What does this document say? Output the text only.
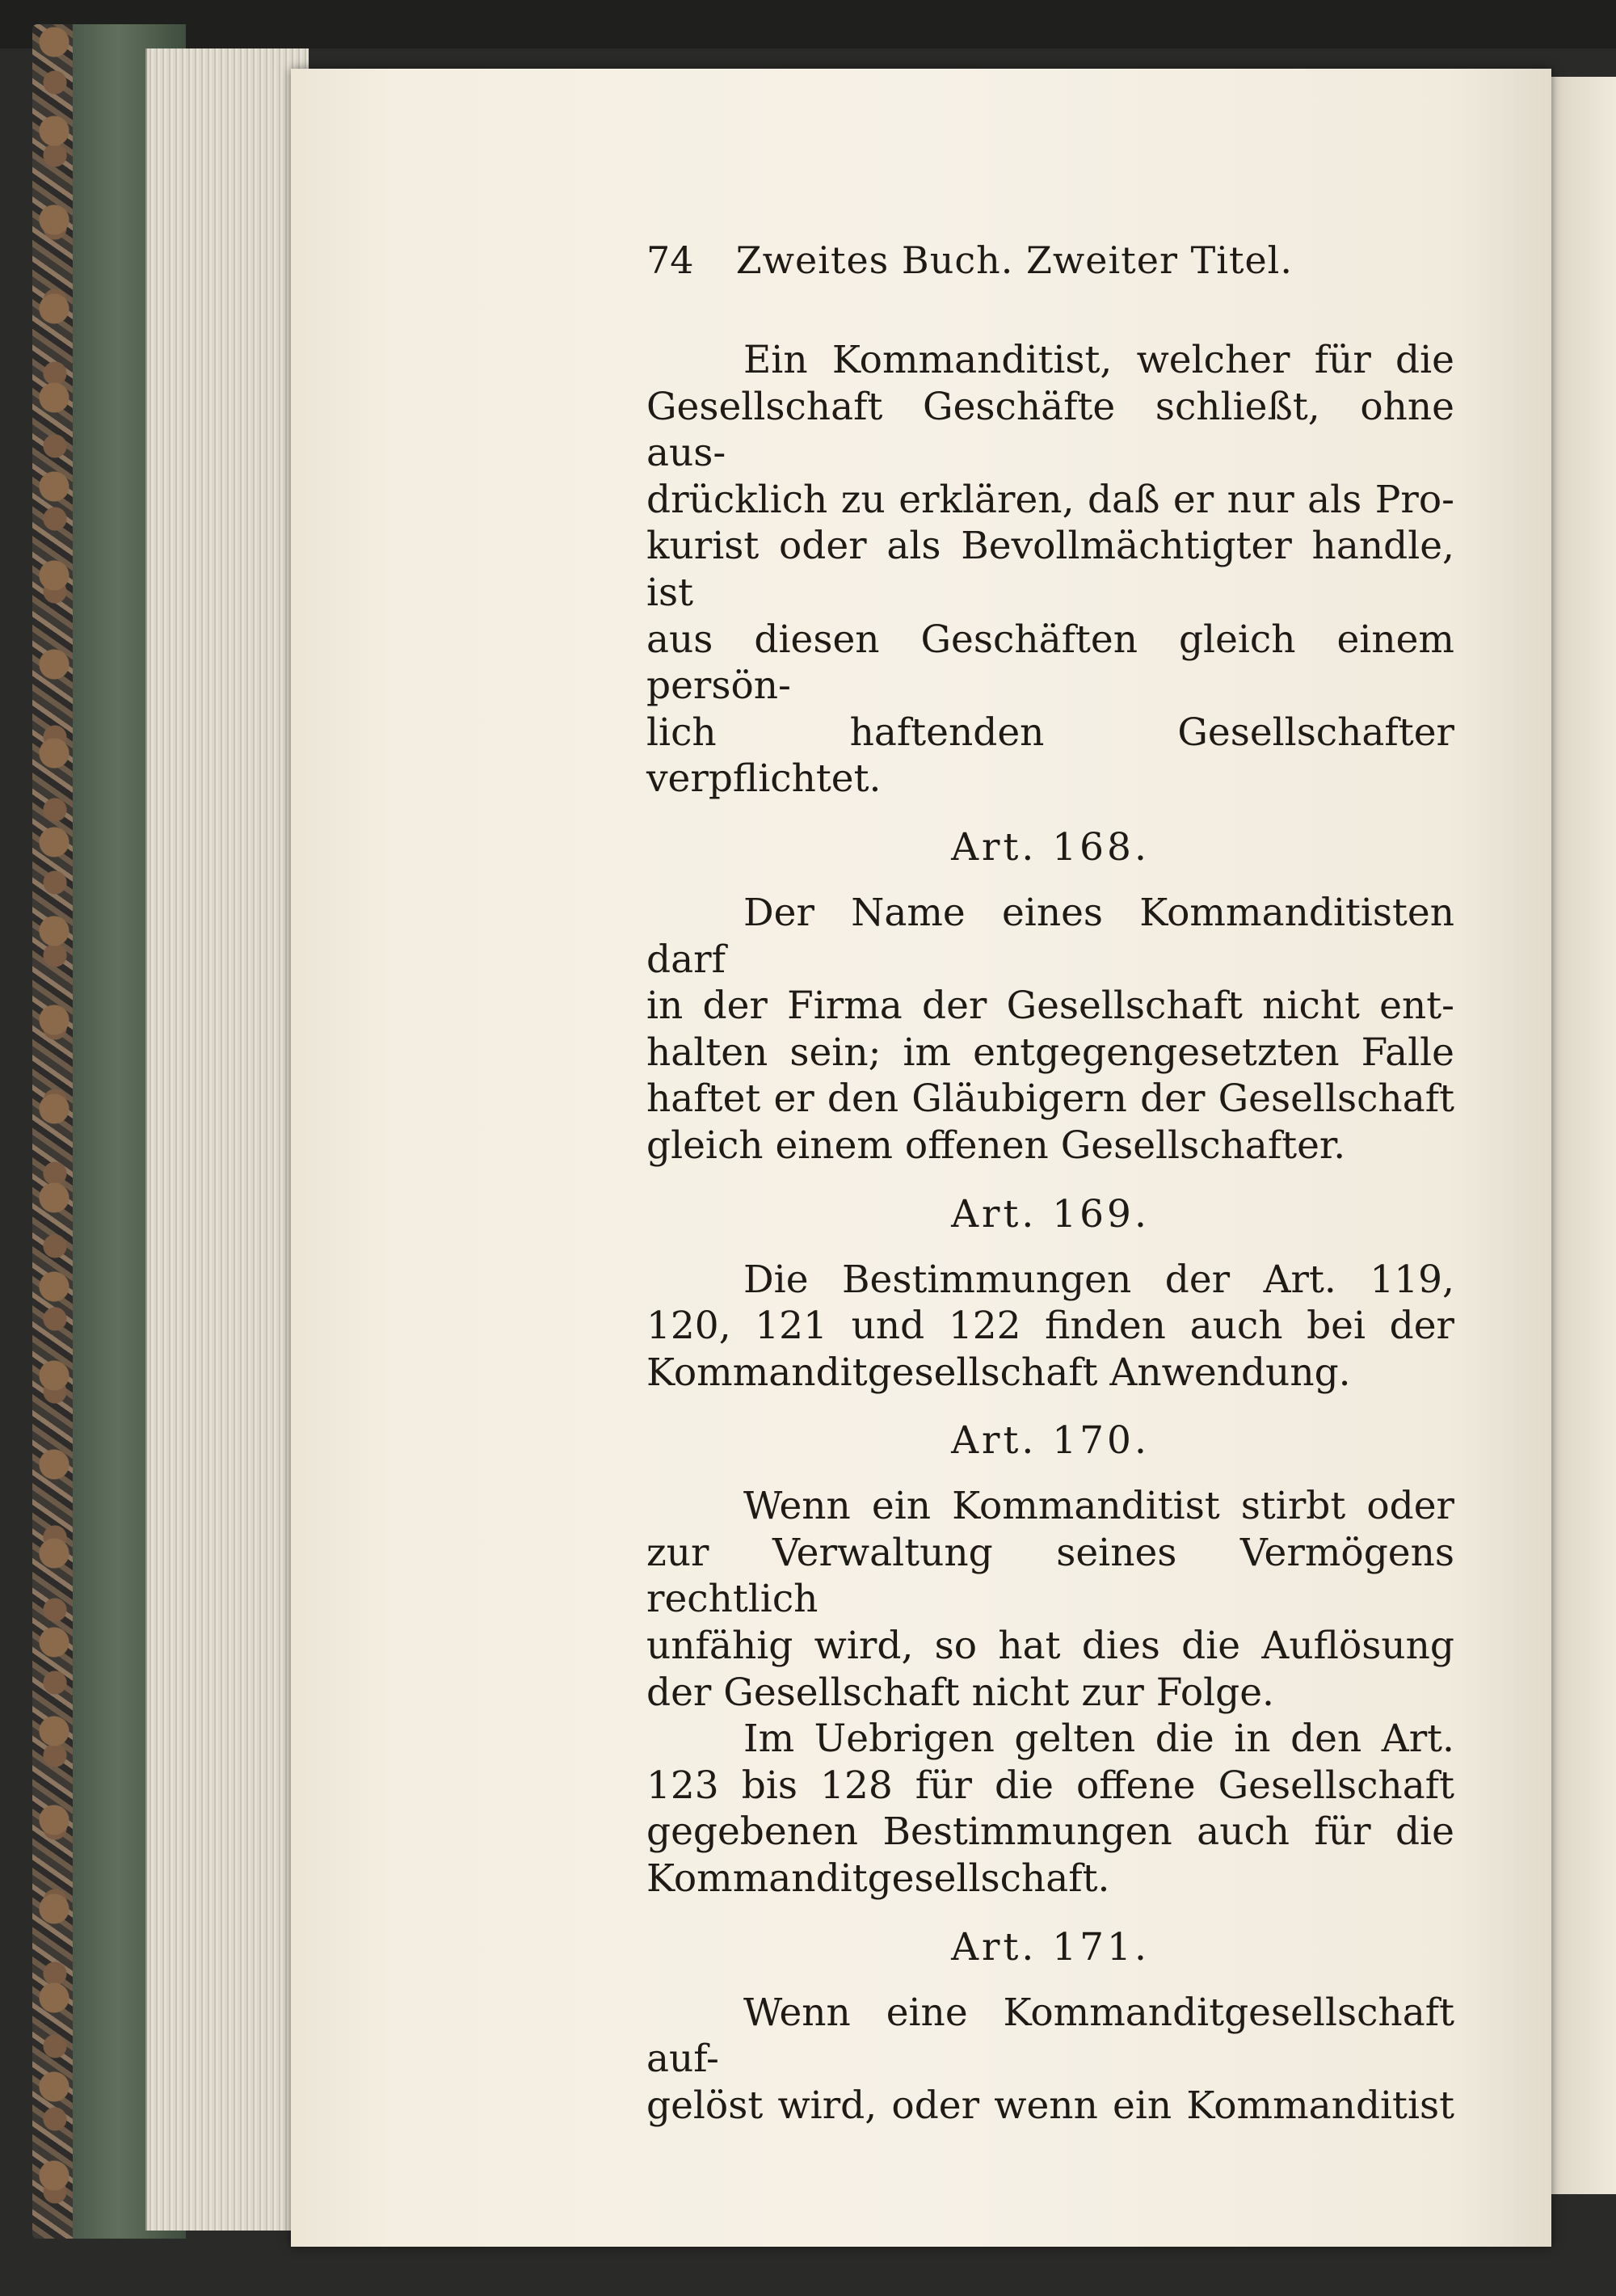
74 Zweites Buch. Zweiter Titel.

Ein Kommanditist, welcher für die

Gesellschaft Geschäfte schließt, ohne aus-

drücklich zu erklären, daß er nur als Pro-

kurist oder als Bevollmächtigter handle, ist

aus diesen Geschäften gleich einem persön-

lich haftenden Gesellschafter verpflichtet.

Art. 168.

Der Name eines Kommanditisten darf

in der Firma der Gesellschaft nicht ent-

halten sein; im entgegengesetzten Falle

haftet er den Gläubigern der Gesellschaft

gleich einem offenen Gesellschafter.

Art. 169.

Die Bestimmungen der Art. 119,

120, 121 und 122 finden auch bei der

Kommanditgesellschaft Anwendung.

Art. 170.

Wenn ein Kommanditist stirbt oder

zur Verwaltung seines Vermögens rechtlich

unfähig wird, so hat dies die Auflösung

der Gesellschaft nicht zur Folge.

Im Uebrigen gelten die in den Art.

123 bis 128 für die offene Gesellschaft

gegebenen Bestimmungen auch für die

Kommanditgesellschaft.

Art. 171.

Wenn eine Kommanditgesellschaft auf-

gelöst wird, oder wenn ein Kommanditist
